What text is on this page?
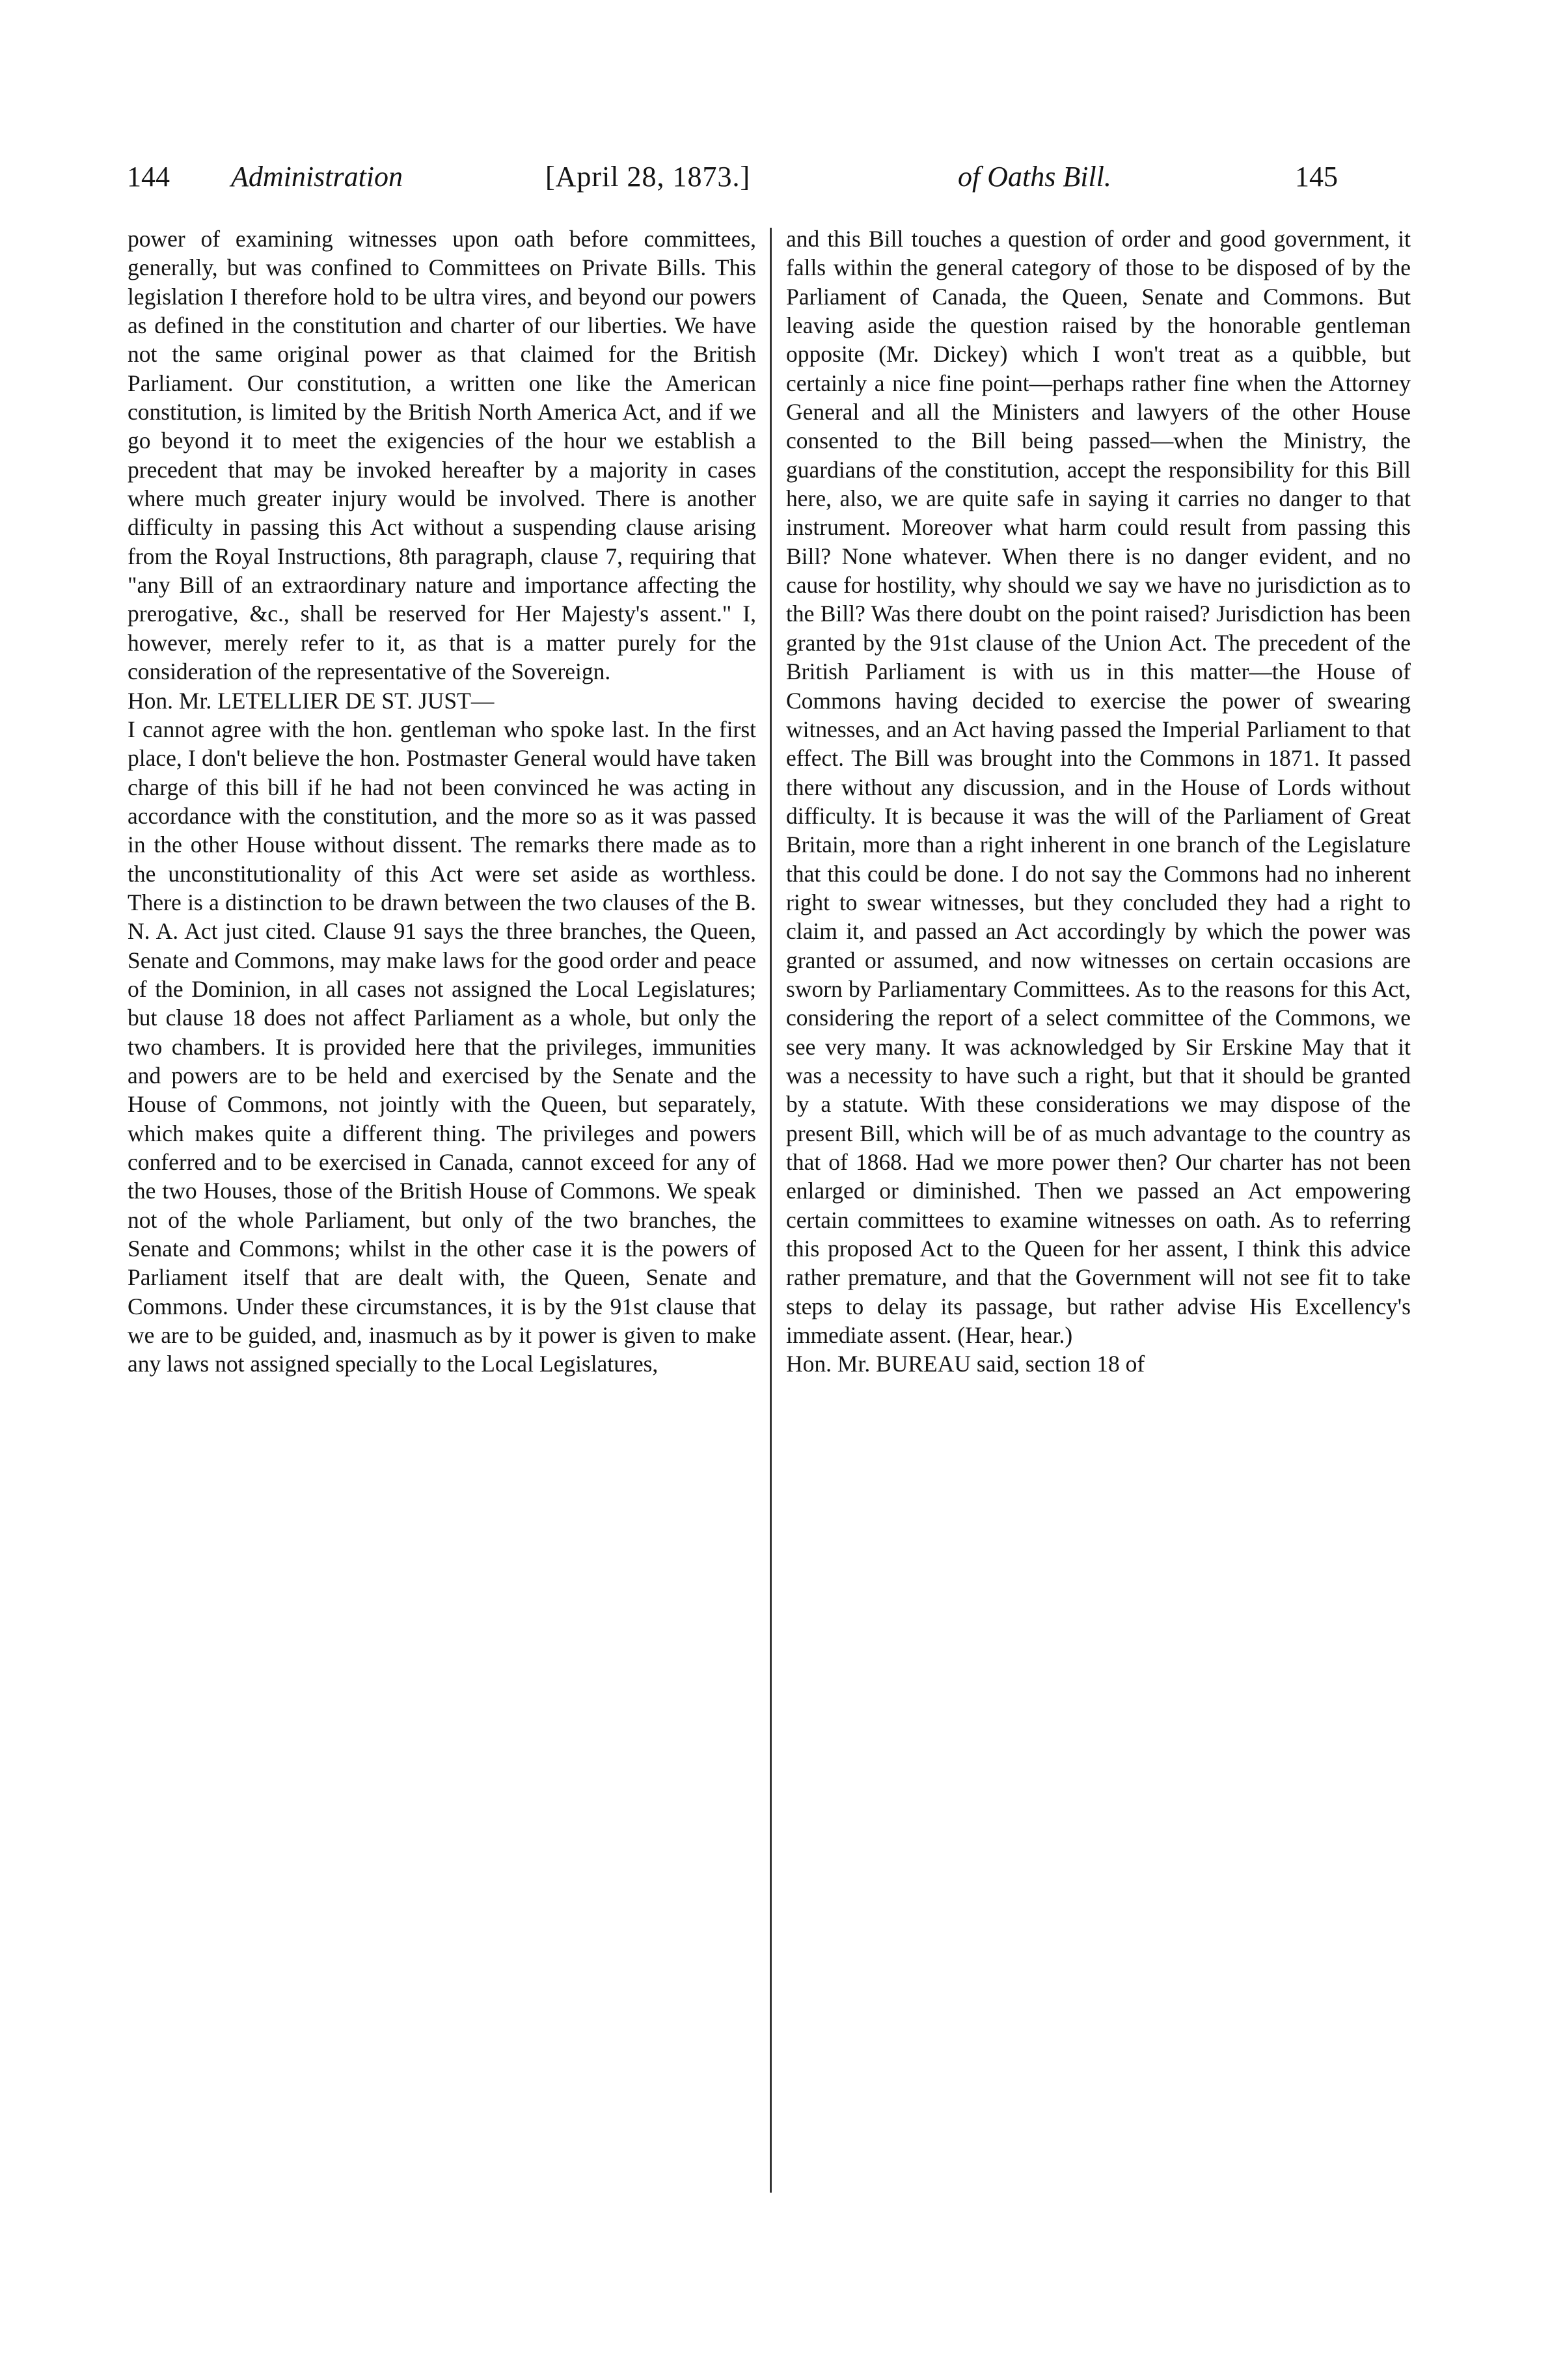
144 Administration	[April 28, 1873.]	of Oaths Bill.	145

power of examining witnesses upon oath before committees, generally, but was confined to Committees on Private Bills. This legislation I therefore hold to be ultra vires, and beyond our powers as defined in the constitution and charter of our liberties. We have not the same original power as that claimed for the British Parliament. Our constitution, a written one like the American constitution, is limited by the British North America Act, and if we go beyond it to meet the exigencies of the hour we establish a precedent that may be invoked hereafter by a majority in cases where much greater injury would be involved. There is another difficulty in passing this Act without a suspending clause arising from the Royal Instructions, 8th paragraph, clause 7, requiring that "any Bill of an extraordinary nature and importance affecting the prerogative, &c., shall be reserved for Her Majesty's assent." I, however, merely refer to it, as that is a matter purely for the consideration of the representative of the Sovereign.

Hon. Mr. LETELLIER DE ST. JUST—

I cannot agree with the hon. gentleman who spoke last. In the first place, I don't believe the hon. Postmaster General would have taken charge of this bill if he had not been convinced he was acting in accordance with the constitution, and the more so as it was passed in the other House without dissent. The remarks there made as to the unconstitutionality of this Act were set aside as worthless. There is a distinction to be drawn between the two clauses of the B. N. A. Act just cited. Clause 91 says the three branches, the Queen, Senate and Commons, may make laws for the good order and peace of the Dominion, in all cases not assigned the Local Legislatures; but clause 18 does not affect Parliament as a whole, but only the two chambers. It is provided here that the privileges, immunities and powers are to be held and exercised by the Senate and the House of Commons, not jointly with the Queen, but separately, which makes quite a different thing. The privileges and powers conferred and to be exercised in Canada, cannot exceed for any of the two Houses, those of the British House of Commons. We speak not of the whole Parliament, but only of the two branches, the Senate and Commons; whilst in the other case it is the powers of Parliament itself that are dealt with, the Queen, Senate and Commons. Under these circumstances, it is by the 91st clause that we are to be guided, and, inasmuch as by it power is given to make any laws not assigned specially to the Local Legislatures,

and this Bill touches a question of order and good government, it falls within the general category of those to be disposed of by the Parliament of Canada, the Queen, Senate and Commons. But leaving aside the question raised by the honorable gentleman opposite (Mr. Dickey) which I won't treat as a quibble, but certainly a nice fine point—perhaps rather fine when the Attorney General and all the Ministers and lawyers of the other House consented to the Bill being passed—when the Ministry, the guardians of the constitution, accept the responsibility for this Bill here, also, we are quite safe in saying it carries no danger to that instrument. Moreover what harm could result from passing this Bill? None whatever. When there is no danger evident, and no cause for hostility, why should we say we have no jurisdiction as to the Bill? Was there doubt on the point raised? Jurisdiction has been granted by the 91st clause of the Union Act. The precedent of the British Parliament is with us in this matter—the House of Commons having decided to exercise the power of swearing witnesses, and an Act having passed the Imperial Parliament to that effect. The Bill was brought into the Commons in 1871. It passed there without any discussion, and in the House of Lords without difficulty. It is because it was the will of the Parliament of Great Britain, more than a right inherent in one branch of the Legislature that this could be done. I do not say the Commons had no inherent right to swear witnesses, but they concluded they had a right to claim it, and passed an Act accordingly by which the power was granted or assumed, and now witnesses on certain occasions are sworn by Parliamentary Committees. As to the reasons for this Act, considering the report of a select committee of the Commons, we see very many. It was acknowledged by Sir Erskine May that it was a necessity to have such a right, but that it should be granted by a statute. With these considerations we may dispose of the present Bill, which will be of as much advantage to the country as that of 1868. Had we more power then? Our charter has not been enlarged or diminished. Then we passed an Act empowering certain committees to examine witnesses on oath. As to referring this proposed Act to the Queen for her assent, I think this advice rather premature, and that the Government will not see fit to take steps to delay its passage, but rather advise His Excellency's immediate assent. (Hear, hear.)

Hon. Mr. BUREAU said, section 18 of
